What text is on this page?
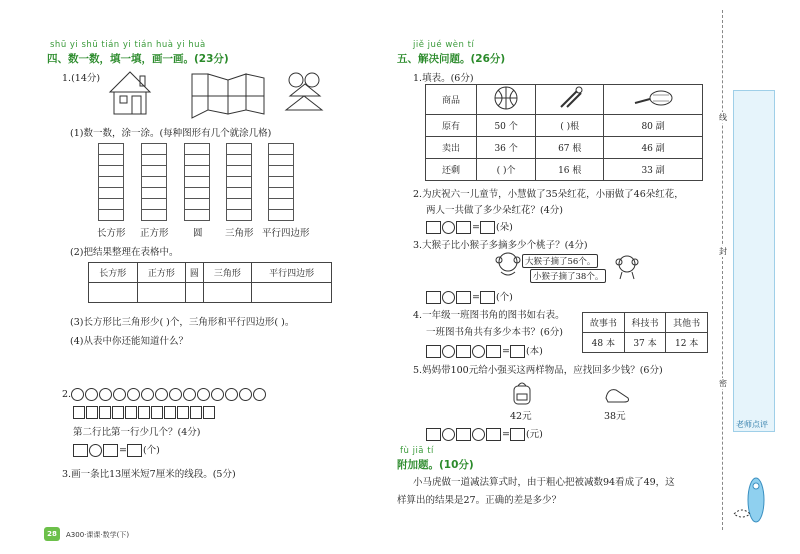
shū yi shū tián yi tián huà yi huà
四、数一数，填一填，画一画。(23分)
1.(14分)
(1)数一数，涂一涂。(每种图形有几个就涂几格)
长方形 正方形	圆 三角形 平行四边形
(2)把结果整理在表格中。
长方形	正方形	圆	三角形	平行四边形

(3)长方形比三角形少( )个，三角形和平行四边形( )。
(4)从表中你还能知道什么？
2.
第二行比第一行少几个？(4分)
= (个)
3.画一条比13厘米短7厘米的线段。(5分)
28	A300·课课·数学(下)
jiě jué wèn tí
五、解决问题。(26分)
1.填表。(6分)
商品			
原有	50 个	( )根	80 副
卖出	36 个	67 根	46 副
还剩	( )个	16 根	33 副
2.为庆祝六一儿童节，小慧做了35朵红花，小丽做了46朵红花，
两人一共做了多少朵红花？(4分)
= (朵)
3.大猴子比小猴子多摘多少个桃子？(4分)
大猴子摘了56个。
小猴子摘了38个。
= (个)
4.一年级一班图书角的图书如右表。
一班图书角共有多少本书？(6分)
故事书	科技书	其他书
48 本	37 本	12 本
= (本)
5.妈妈带100元给小强买这两样物品，应找回多少钱？(6分)
42元	38元
= (元)
fù jiā tí
附加题。(10分)
小马虎做一道减法算式时，由于粗心把被减数94看成了49，这
样算出的结果是27。正确的差是多少？
线
封
密
老师点评
